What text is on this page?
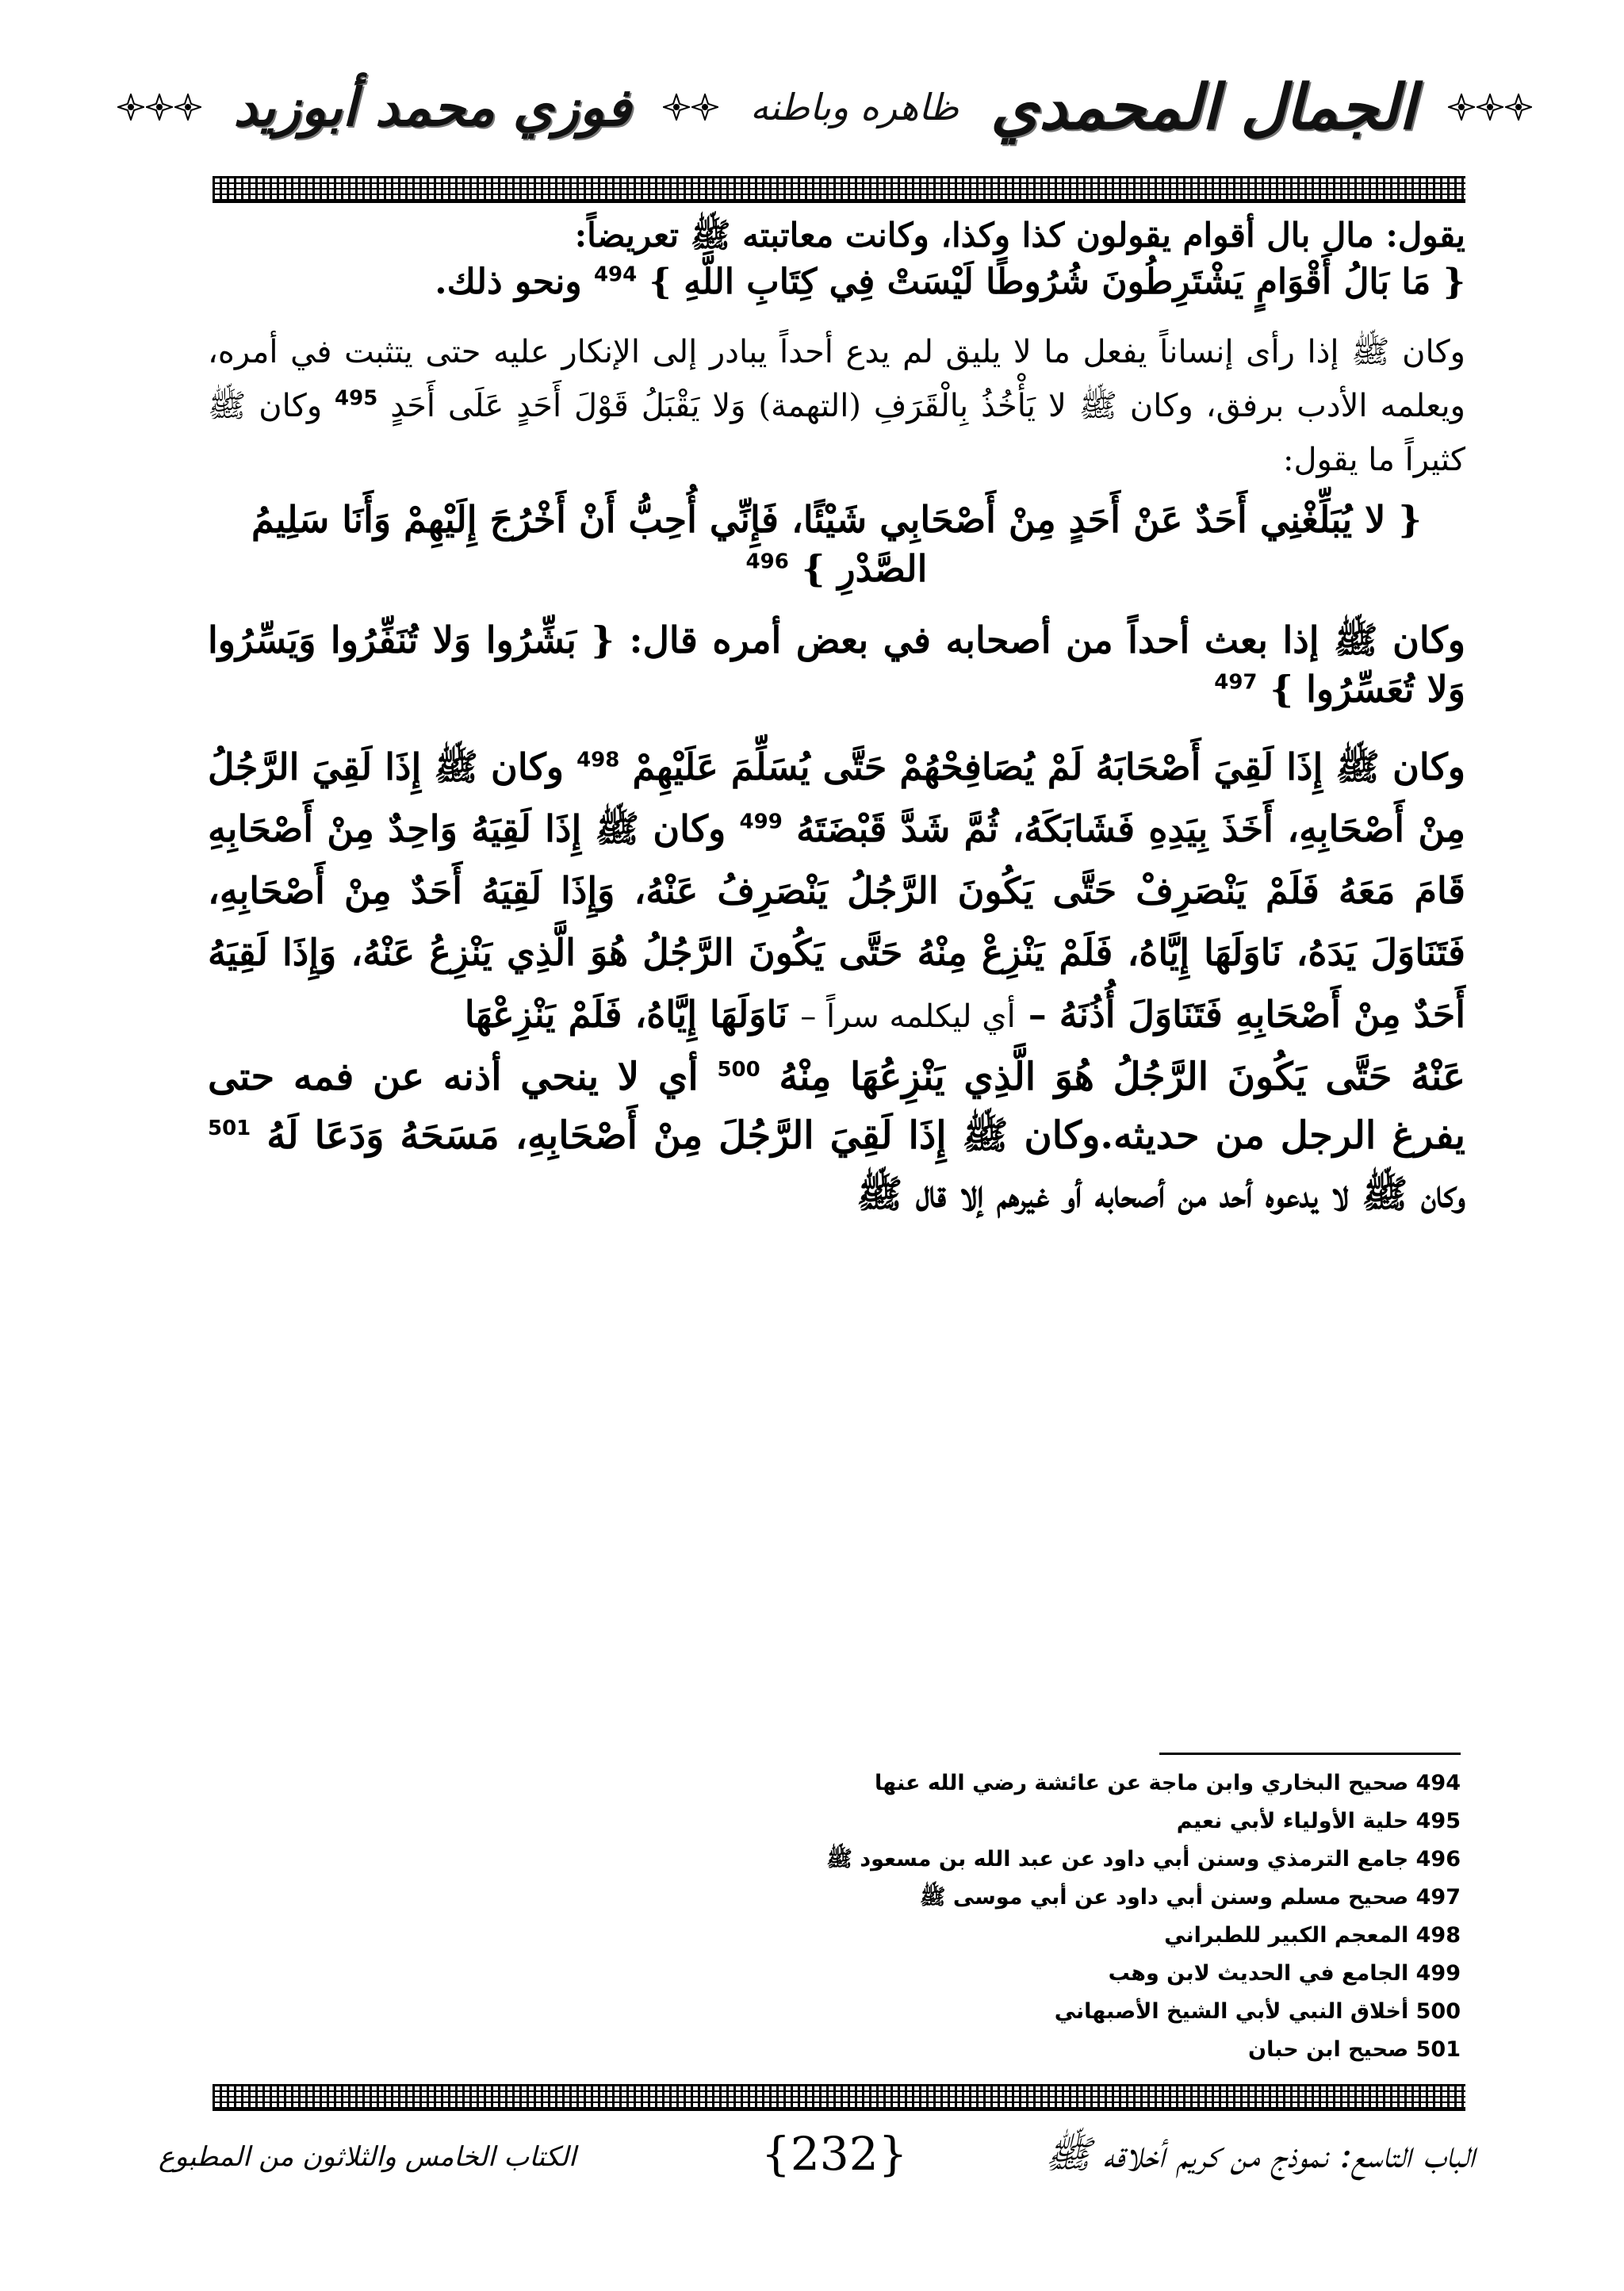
الجمال المحمدي
ظاهره وباطنه
فوزي محمد أبوزيد

يقول: مال بال أقوام يقولون كذا وكذا، وكانت معاتبته ﷺ تعريضاً:

{ مَا بَالُ أَقْوَامٍ يَشْتَرِطُونَ شُرُوطًا لَيْسَتْ فِي كِتَابِ اللَّهِ } $^{494}$ ونحو ذلك.

وكان ﷺ إذا رأى إنساناً يفعل ما لا يليق لم يدع أحداً يبادر إلى الإنكار عليه حتى يتثبت في أمره، ويعلمه الأدب برفق، وكان ﷺ لا يَأْخُذُ بِالْقَرَفِ (التهمة) وَلا يَقْبَلُ قَوْلَ أَحَدٍ عَلَى أَحَدٍ $^{495}$ وكان ﷺ كثيراً ما يقول:

{ لا يُبَلِّغْنِي أَحَدٌ عَنْ أَحَدٍ مِنْ أَصْحَابِي شَيْئًا، فَإِنِّي أُحِبُّ أَنْ أَخْرُجَ إِلَيْهِمْ وَأَنَا سَلِيمُ الصَّدْرِ } $^{496}$

وكان ﷺ إذا بعث أحداً من أصحابه في بعض أمره قال: { بَشِّرُوا وَلا تُنَفِّرُوا وَيَسِّرُوا وَلا تُعَسِّرُوا } $^{497}$

وكان ﷺ إِذَا لَقِيَ أَصْحَابَهُ لَمْ يُصَافِحْهُمْ حَتَّى يُسَلِّمَ عَلَيْهِمْ $^{498}$ وكان ﷺ إِذَا لَقِيَ الرَّجُلُ مِنْ أَصْحَابِهِ، أَخَذَ بِيَدِهِ فَشَابَكَهُ، ثُمَّ شَدَّ قَبْضَتَهُ $^{499}$ وكان ﷺ إِذَا لَقِيَهُ وَاحِدٌ مِنْ أَصْحَابِهِ قَامَ مَعَهُ فَلَمْ يَنْصَرِفْ حَتَّى يَكُونَ الرَّجُلُ يَنْصَرِفُ عَنْهُ، وَإِذَا لَقِيَهُ أَحَدٌ مِنْ أَصْحَابِهِ، فَتَنَاوَلَ يَدَهُ، نَاوَلَهَا إِيَّاهُ، فَلَمْ يَنْزِعْ مِنْهُ حَتَّى يَكُونَ الرَّجُلُ هُوَ الَّذِي يَنْزِعُ عَنْهُ، وَإِذَا لَقِيَهُ أَحَدٌ مِنْ أَصْحَابِهِ فَتَنَاوَلَ أُذُنَهُ – أي ليكلمه سراً – نَاوَلَهَا إِيَّاهُ، فَلَمْ يَنْزِعْهَا

عَنْهُ حَتَّى يَكُونَ الرَّجُلُ هُوَ الَّذِي يَنْزِعُهَا مِنْهُ $^{500}$ أي لا ينحي أذنه عن فمه حتى يفرغ الرجل من حديثه.وكان ﷺ إِذَا لَقِيَ الرَّجُلَ مِنْ أَصْحَابِهِ، مَسَحَهُ وَدَعَا لَهُ $^{501}$ وكان ﷺ لا يدعوه أحد من أصحابه أو غيرهم إلا قال ﷺ

494 صحيح البخاري وابن ماجة عن عائشة رضي الله عنها
495 حلية الأولياء لأبي نعيم
496 جامع الترمذي وسنن أبي داود عن عبد الله بن مسعود ﷺ
497 صحيح مسلم وسنن أبي داود عن أبي موسى ﷺ
498 المعجم الكبير للطبراني
499 الجامع في الحديث لابن وهب
500 أخلاق النبي لأبي الشيخ الأصبهاني
501 صحيح ابن حبان
الباب التاسع: نموذج من كريم أخلاقه ﷺ
{232}
الكتاب الخامس والثلاثون من المطبوع
